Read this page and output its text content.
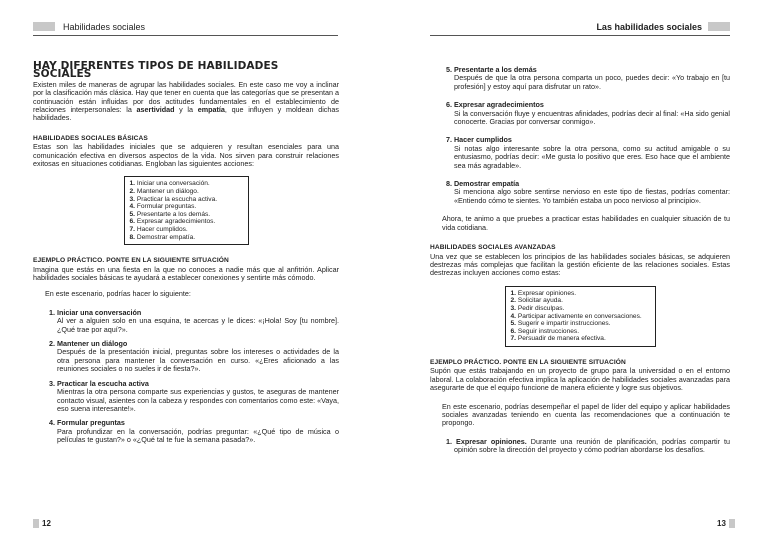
Habilidades sociales
HAY DIFERENTES TIPOS DE HABILIDADES SOCIALES

Existen miles de maneras de agrupar las habilidades sociales. En este caso me voy a inclinar por la clasificación más clásica. Hay que tener en cuenta que las categorías que se presentan a continuación están influidas por dos actitudes fundamentales en el establecimiento de relaciones interpersonales: la asertividad y la empatía, que influyen y moldean dichas habilidades.

HABILIDADES SOCIALES BÁSICAS

Estas son las habilidades iniciales que se adquieren y resultan esenciales para una comunicación efectiva en diversos aspectos de la vida. Nos sirven para construir relaciones exitosas en situaciones cotidianas. Engloban las siguientes acciones:

1. Iniciar una conversación.
2. Mantener un diálogo.
3. Practicar la escucha activa.
4. Formular preguntas.
5. Presentarte a los demás.
6. Expresar agradecimientos.
7. Hacer cumplidos.
8. Demostrar empatía.
EJEMPLO PRÁCTICO. PONTE EN LA SIGUIENTE SITUACIÓN

Imagina que estás en una fiesta en la que no conoces a nadie más que al anfitrión. Aplicar habilidades sociales básicas te ayudará a establecer conexiones y sentirte más cómodo.

En este escenario, podrías hacer lo siguiente:

1. Iniciar una conversación
Al ver a alguien solo en una esquina, te acercas y le dices: «¡Hola! Soy [tu nombre]. ¿Qué trae por aquí?».
2. Mantener un diálogo
Después de la presentación inicial, preguntas sobre los intereses o actividades de la otra persona para mantener la conversación en curso. «¿Eres aficionado a las reuniones sociales o no sueles ir de fiesta?».
3. Practicar la escucha activa
Mientras la otra persona comparte sus experiencias y gustos, te aseguras de mantener contacto visual, asientes con la cabeza y respondes con comentarios como este: «Vaya, eso suena interesante!».
4. Formular preguntas
Para profundizar en la conversación, podrías preguntar: «¿Qué tipo de música o películas te gustan?» o «¿Qué tal te fue la semana pasada?».
12
Las habilidades sociales
5. Presentarte a los demás
Después de que la otra persona comparta un poco, puedes decir: «Yo trabajo en [tu profesión] y estoy aquí para disfrutar un rato».
6. Expresar agradecimientos
Si la conversación fluye y encuentras afinidades, podrías decir al final: «Ha sido genial conocerte. Gracias por conversar conmigo».
7. Hacer cumplidos
Si notas algo interesante sobre la otra persona, como su actitud amigable o su entusiasmo, podrías decir: «Me gusta lo positivo que eres. Eso hace que el ambiente sea más agradable».
8. Demostrar empatía
Si menciona algo sobre sentirse nervioso en este tipo de fiestas, podrías comentar: «Entiendo cómo te sientes. Yo también estaba un poco nervioso al principio».

Ahora, te animo a que pruebes a practicar estas habilidades en cualquier situación de tu vida cotidiana.

HABILIDADES SOCIALES AVANZADAS

Una vez que se establecen los principios de las habilidades sociales básicas, se adquieren destrezas más complejas que facilitan la gestión eficiente de las relaciones sociales. Estas destrezas incluyen acciones como estas:

1. Expresar opiniones.
2. Solicitar ayuda.
3. Pedir disculpas.
4. Participar activamente en conversaciones.
5. Sugerir e impartir instrucciones.
6. Seguir instrucciones.
7. Persuadir de manera efectiva.
EJEMPLO PRÁCTICO. PONTE EN LA SIGUIENTE SITUACIÓN

Supón que estás trabajando en un proyecto de grupo para la universidad o en el entorno laboral. La colaboración efectiva implica la aplicación de habilidades sociales avanzadas para asegurarte de que el equipo funcione de manera eficiente y logre sus objetivos.

En este escenario, podrías desempeñar el papel de líder del equipo y aplicar habilidades sociales avanzadas teniendo en cuenta las recomendaciones que a continuación te propongo.

1. Expresar opiniones. Durante una reunión de planificación, podrías compartir tu opinión sobre la dirección del proyecto y cómo podrían abordarse los desafíos.

13
